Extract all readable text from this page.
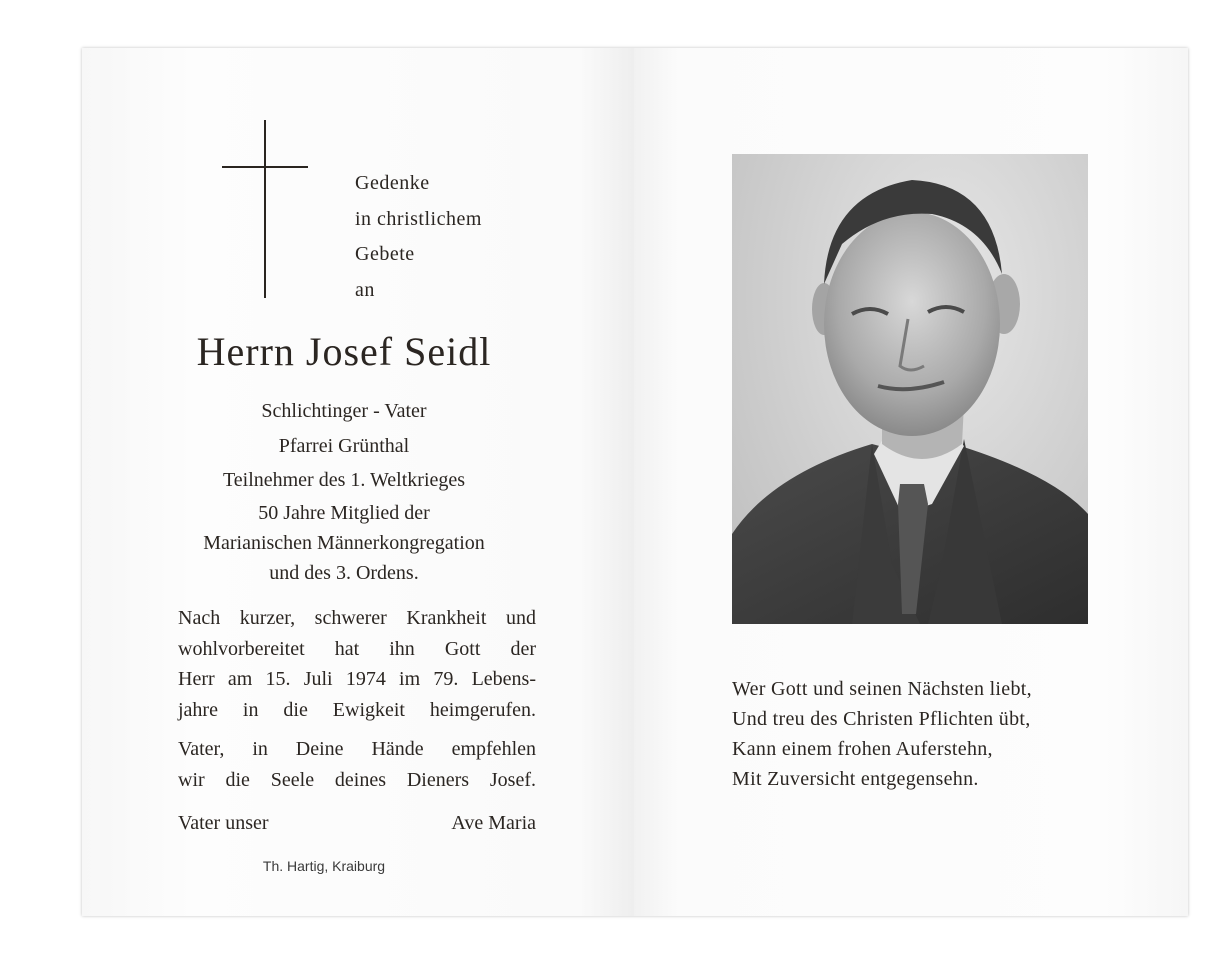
Gedenke
in christlichem
Gebete
an
Herrn Josef Seidl
Schlichtinger - Vater
Pfarrei Grünthal
Teilnehmer des 1. Weltkrieges
50 Jahre Mitglied der
Marianischen Männerkongregation
und des 3. Ordens.
Nach kurzer, schwerer Krankheit und
wohlvorbereitet hat ihn Gott der
Herr am 15. Juli 1974 im 79. Lebens-
jahre in die Ewigkeit heimgerufen.
Vater, in Deine Hände empfehlen
wir die Seele deines Dieners Josef.
Vater unser	Ave Maria
Th. Hartig, Kraiburg
Wer Gott und seinen Nächsten liebt,
Und treu des Christen Pflichten übt,
Kann einem frohen Auferstehn,
Mit Zuversicht entgegensehn.
